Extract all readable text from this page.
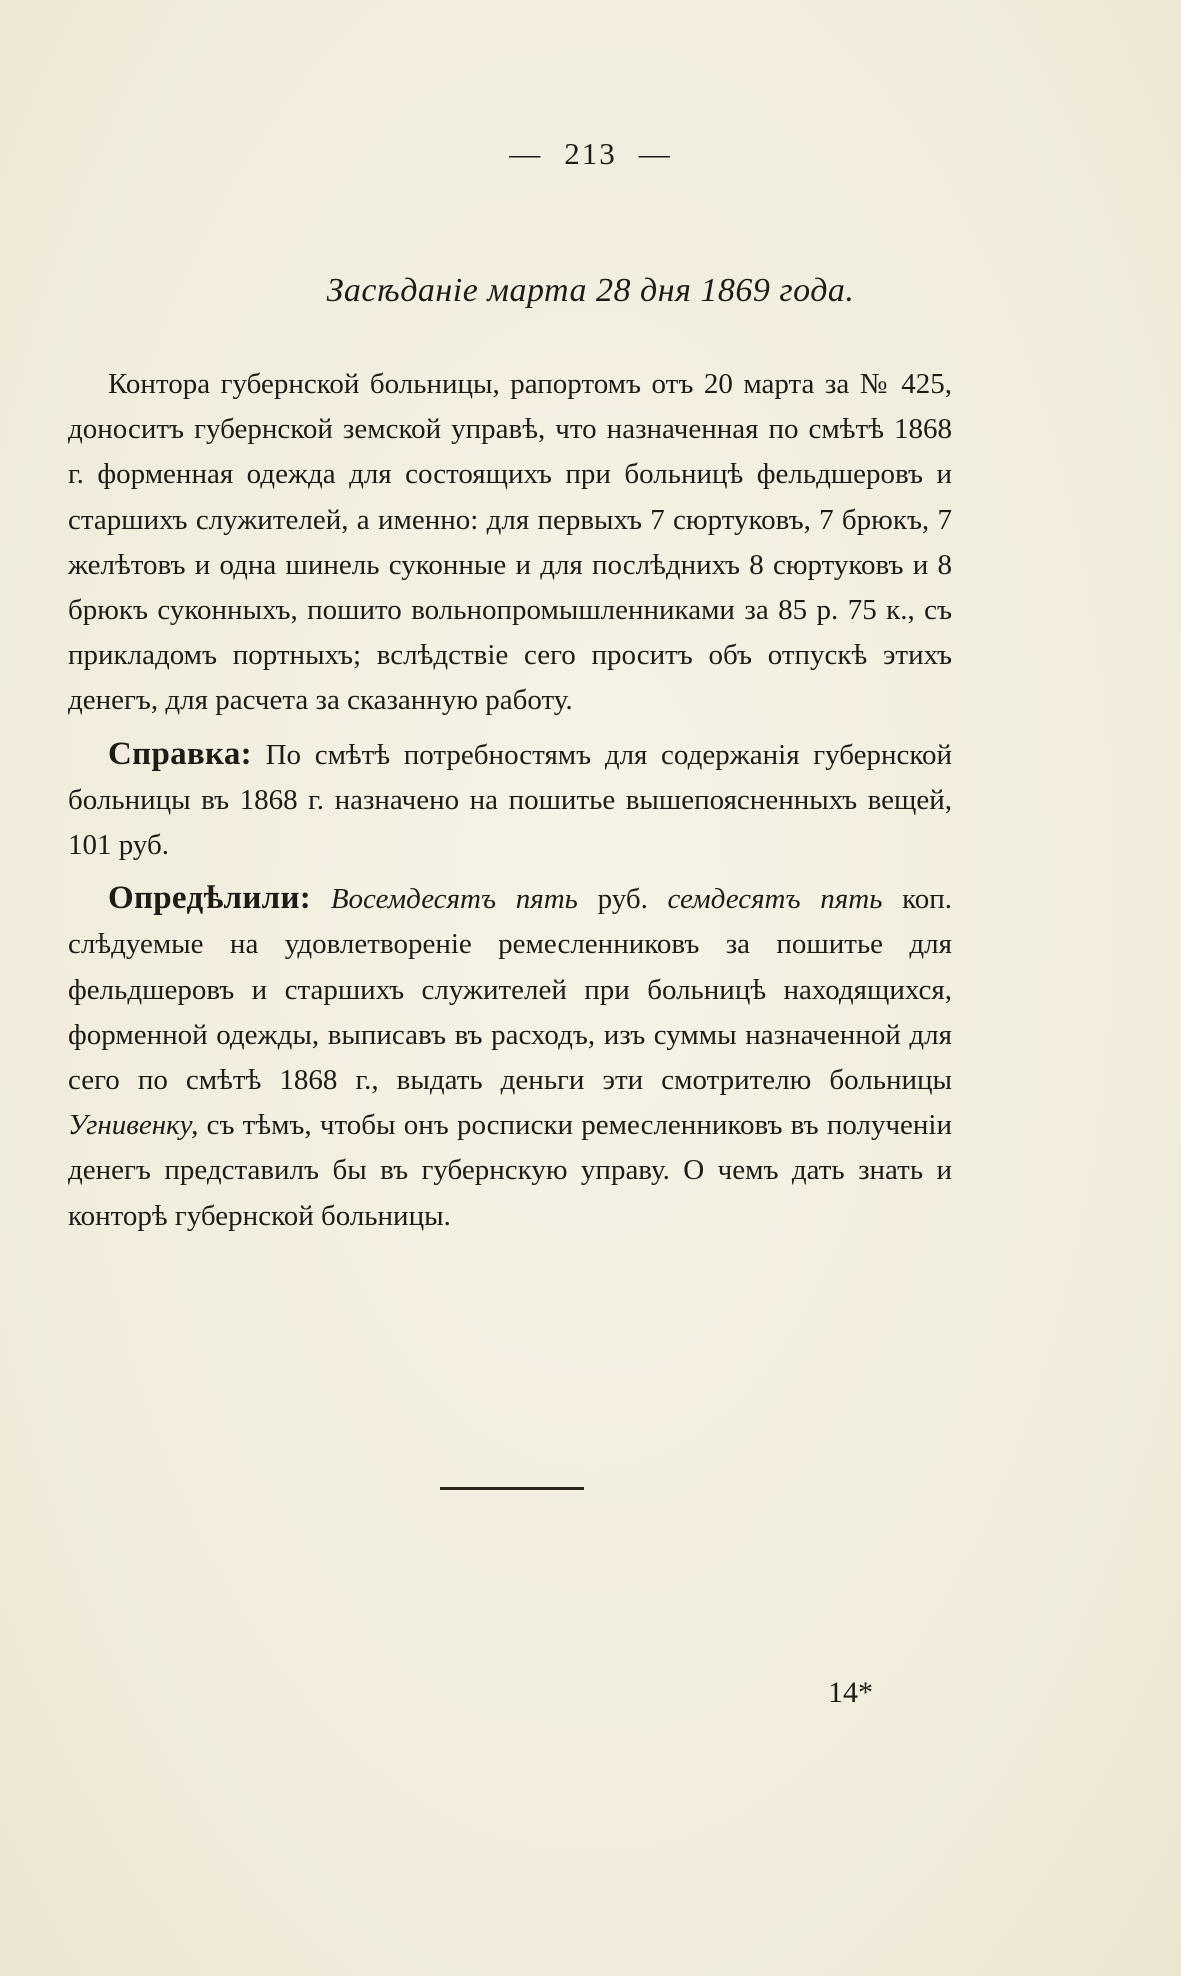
— 213 —
Засѣданіе марта 28 дня 1869 года.

Контора губернской больницы, рапортомъ отъ 20 марта за № 425, доноситъ губернской земской управѣ, что назначенная по смѣтѣ 1868 г. форменная одежда для состоящихъ при больницѣ фельдшеровъ и старшихъ служителей, а именно: для первыхъ 7 сюртуковъ, 7 брюкъ, 7 желѣтовъ и одна шинель суконные и для послѣднихъ 8 сюртуковъ и 8 брюкъ суконныхъ, пошито вольнопромышленниками за 85 р. 75 к., съ прикладомъ портныхъ; вслѣдствіе сего проситъ объ отпускѣ этихъ денегъ, для расчета за сказанную работу.

Справка: По смѣтѣ потребностямъ для содержанія губернской больницы въ 1868 г. назначено на пошитье вышепоясненныхъ вещей, 101 руб.

Опредѣлили: Восемдесятъ пять руб. семдесятъ пять коп. слѣдуемые на удовлетвореніе ремесленниковъ за пошитье для фельдшеровъ и старшихъ служителей при больницѣ находящихся, форменной одежды, выписавъ въ расходъ, изъ суммы назначенной для сего по смѣтѣ 1868 г., выдать деньги эти смотрителю больницы Угнивенку, съ тѣмъ, чтобы онъ росписки ремесленниковъ въ полученіи денегъ представилъ бы въ губернскую управу. О чемъ дать знать и конторѣ губернской больницы.

14*
